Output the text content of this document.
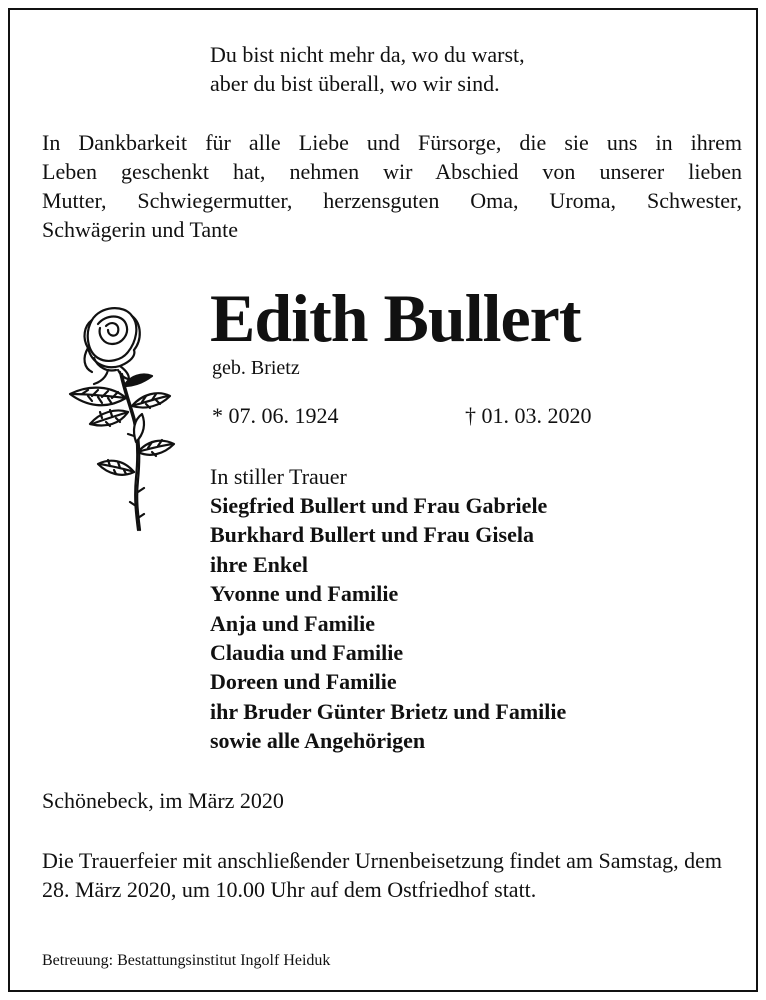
Du bist nicht mehr da, wo du warst,
aber du bist überall, wo wir sind.
In Dankbarkeit für alle Liebe und Fürsorge, die sie uns in ihrem
Leben geschenkt hat, nehmen wir Abschied von unserer lieben
Mutter, Schwiegermutter, herzensguten Oma, Uroma, Schwester,
Schwägerin und Tante
Edith Bullert
geb. Brietz
* 07. 06. 1924	† 01. 03. 2020
In stiller Trauer
Siegfried Bullert und Frau Gabriele
Burkhard Bullert und Frau Gisela
ihre Enkel
Yvonne und Familie
Anja und Familie
Claudia und Familie
Doreen und Familie
ihr Bruder Günter Brietz und Familie
sowie alle Angehörigen
Schönebeck, im März 2020
Die Trauerfeier mit anschließender Urnenbeisetzung findet am Samstag, dem 28. März 2020, um 10.00 Uhr auf dem Ostfriedhof statt.
Betreuung: Bestattungsinstitut Ingolf Heiduk
